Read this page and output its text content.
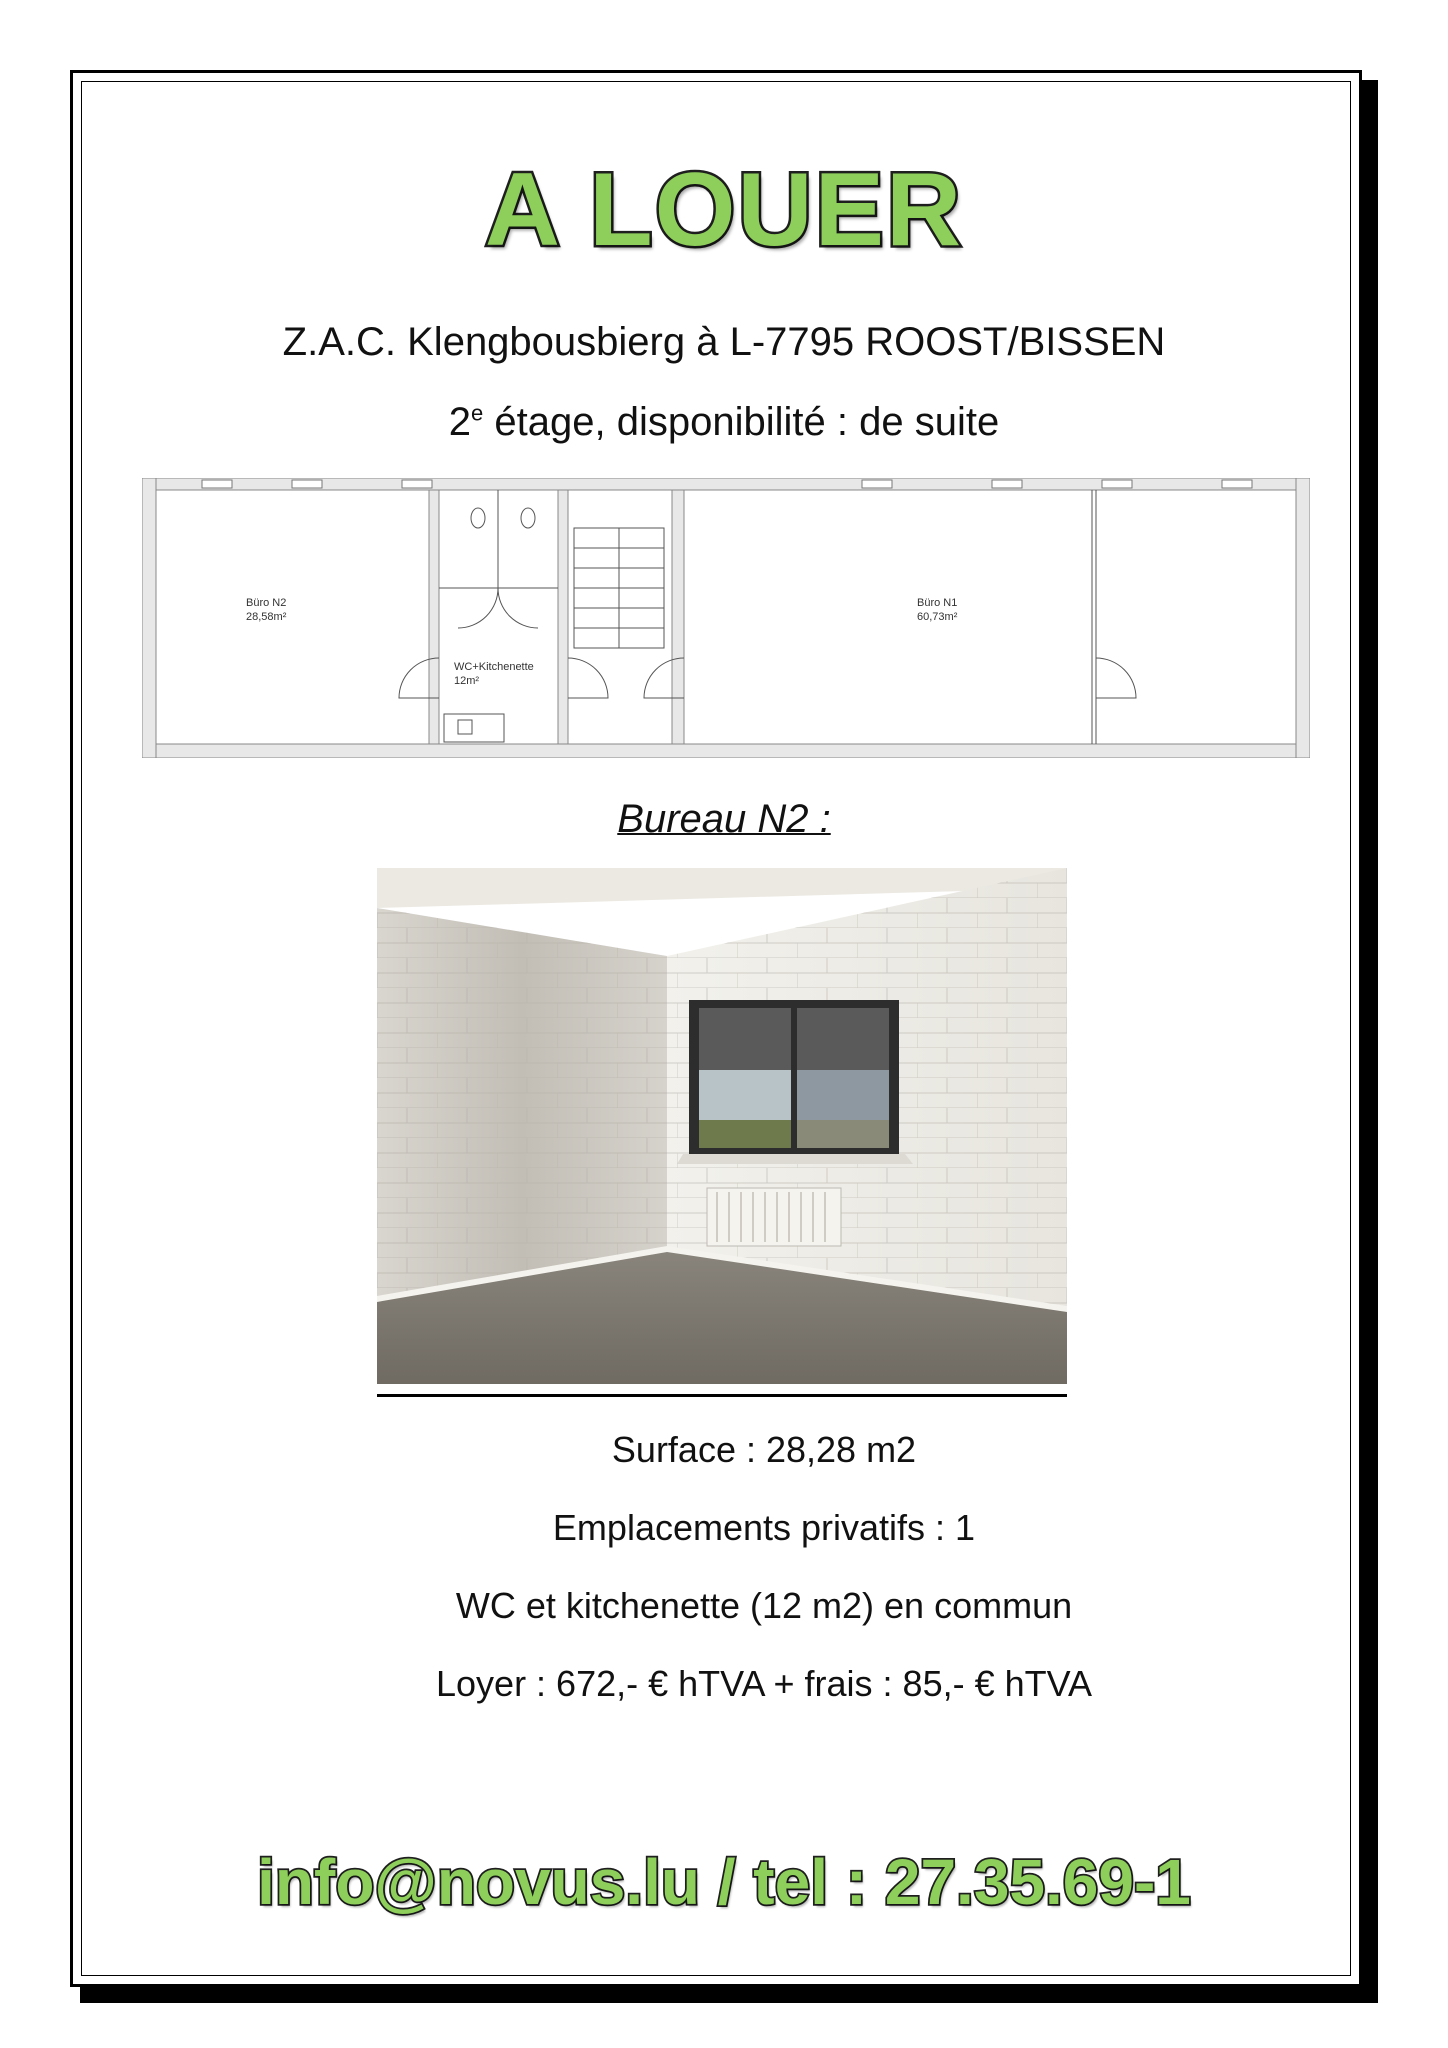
A LOUER
Z.A.C. Klengbousbierg à L-7795 ROOST/BISSEN
2e étage, disponibilité : de suite
Büro N2
28,58m²
WC+Kitchenette
12m²
Büro N1
60,73m²
Bureau N2 :
Surface : 28,28 m2
Emplacements privatifs : 1
WC et kitchenette (12 m2) en commun
Loyer : 672,- € hTVA + frais : 85,- € hTVA
info@novus.lu / tel : 27.35.69-1
